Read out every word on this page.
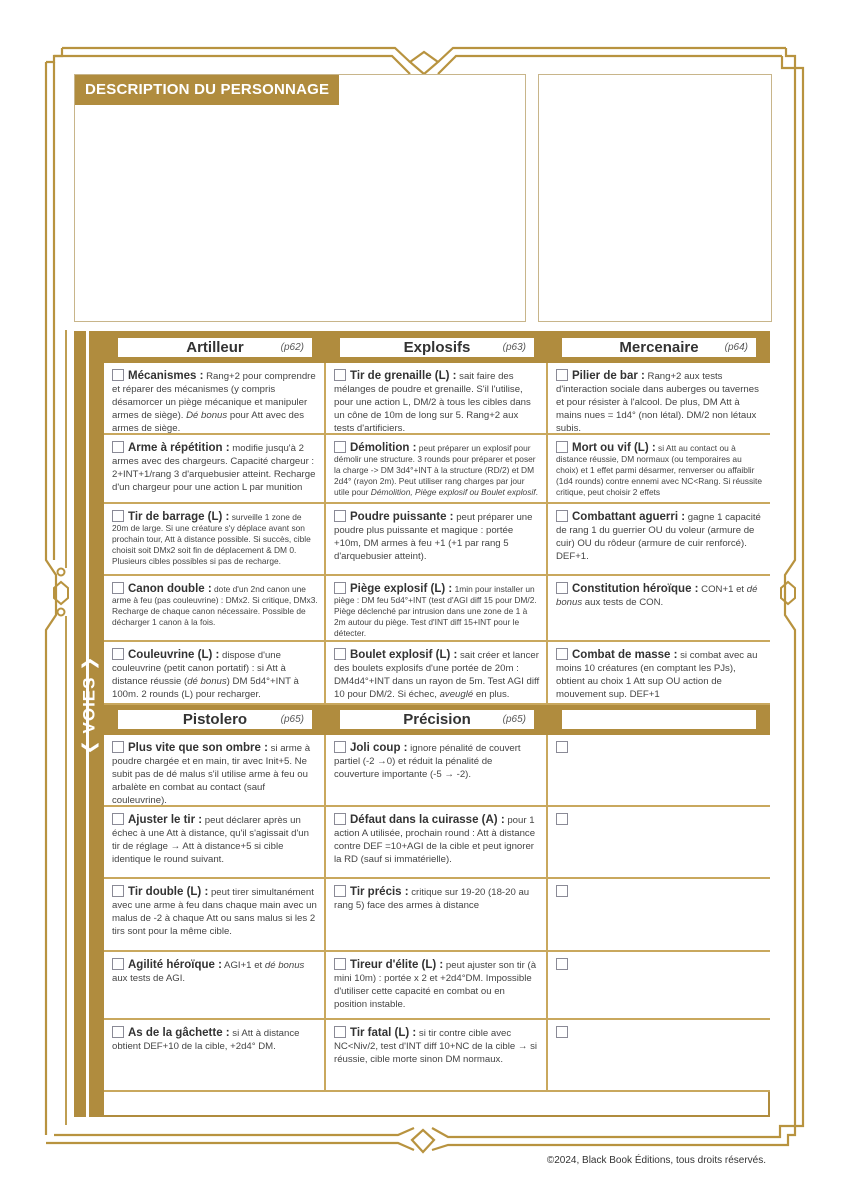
DESCRIPTION DU PERSONNAGE
❮ VOIES ❯
Artilleur	(p62)
Mécanismes : Rang+2 pour comprendre et réparer des mécanismes (y compris désamorcer un piège mécanique et manipuler armes de siège). Dé bonus pour Att avec des armes de siège.
Arme à répétition : modifie jusqu'à 2 armes avec des chargeurs. Capacité chargeur : 2+INT+1/rang 3 d'arquebusier atteint. Recharge d'un chargeur pour une action L par munition
Tir de barrage (L) : surveille 1 zone de 20m de large. Si une créature s'y déplace avant son prochain tour, Att à distance possible. Si succès, cible choisit soit DMx2 soit fin de déplacement & DM 0. Plusieurs cibles possibles si pas de recharge.
Canon double : dote d'un 2nd canon une arme à feu (pas couleuvrine) : DMx2. Si critique, DMx3. Recharge de chaque canon nécessaire. Possible de décharger 1 canon à la fois.
Couleuvrine (L) : dispose d'une couleuvrine (petit canon portatif) : si Att à distance réussie (dé bonus) DM 5d4°+INT à 100m. 2 rounds (L) pour recharger.
Explosifs	(p63)
Tir de grenaille (L) : sait faire des mélanges de poudre et grenaille. S'il l'utilise, pour une action L, DM/2 à tous les cibles dans un cône de 10m de long sur 5. Rang+2 aux tests d'artificiers.
Démolition : peut préparer un explosif pour démolir une structure. 3 rounds pour préparer et poser la charge -> DM 3d4°+INT à la structure (RD/2) et DM 2d4° (rayon 2m). Peut utiliser rang charges par jour utile pour Démolition, Piège explosif ou Boulet explosif.
Poudre puissante : peut préparer une poudre plus puissante et magique : portée +10m, DM armes à feu +1 (+1 par rang 5 d'arquebusier atteint).
Piège explosif (L) : 1min pour installer un piège : DM feu 5d4°+INT (test d'AGI diff 15 pour DM/2. Piège déclenché par intrusion dans une zone de 1 à 2m autour du piège. Test d'INT diff 15+INT pour le détecter.
Boulet explosif (L) : sait créer et lancer des boulets explosifs d'une portée de 20m : DM4d4°+INT dans un rayon de 5m. Test AGI diff 10 pour DM/2. Si échec, aveuglé en plus.
Mercenaire	(p64)
Pilier de bar : Rang+2 aux tests d'interaction sociale dans auberges ou tavernes et pour résister à l'alcool. De plus, DM Att à mains nues = 1d4° (non létal). DM/2 non létaux subis.
Mort ou vif (L) : si Att au contact ou à distance réussie, DM normaux (ou temporaires au choix) et 1 effet parmi désarmer, renverser ou affaiblir (1d4 rounds) contre ennemi avec NC<Rang. Si réussite critique, peut choisir 2 effets
Combattant aguerri : gagne 1 capacité de rang 1 du guerrier OU du voleur (armure de cuir) OU du rôdeur (armure de cuir renforcé). DEF+1.
Constitution héroïque : CON+1 et dé bonus aux tests de CON.
Combat de masse : si combat avec au moins 10 créatures (en comptant les PJs), obtient au choix 1 Att sup OU action de mouvement sup. DEF+1
Pistolero	(p65)
Plus vite que son ombre : si arme à poudre chargée et en main, tir avec Init+5. Ne subit pas de dé malus s'il utilise arme à feu ou arbalète en combat au contact (sauf couleuvrine).
Ajuster le tir : peut déclarer après un échec à une Att à distance, qu'il s'agissait d'un tir de réglage → Att à distance+5 si cible identique le round suivant.
Tir double (L) : peut tirer simultanément avec une arme à feu dans chaque main avec un malus de -2 à chaque Att ou sans malus si les 2 tirs sont pour la même cible.
Agilité héroïque : AGI+1 et dé bonus aux tests de AGI.
As de la gâchette : si Att à distance obtient DEF+10 de la cible, +2d4° DM.
Précision	(p65)
Joli coup : ignore pénalité de couvert partiel (-2 →0) et réduit la pénalité de couverture importante (-5 → -2).
Défaut dans la cuirasse (A) : pour 1 action A utilisée, prochain round : Att à distance contre DEF =10+AGI de la cible et peut ignorer la RD (sauf si immatérielle).
Tir précis : critique sur 19-20 (18-20 au rang 5) face des armes à distance
Tireur d'élite (L) : peut ajuster son tir (à mini 10m) : portée x 2 et +2d4°DM. Impossible d'utiliser cette capacité en combat ou en position instable.
Tir fatal (L) : si tir contre cible avec NC<Niv/2, test d'INT diff 10+NC de la cible → si réussie, cible morte sinon DM normaux.
©2024, Black Book Éditions, tous droits réservés.
